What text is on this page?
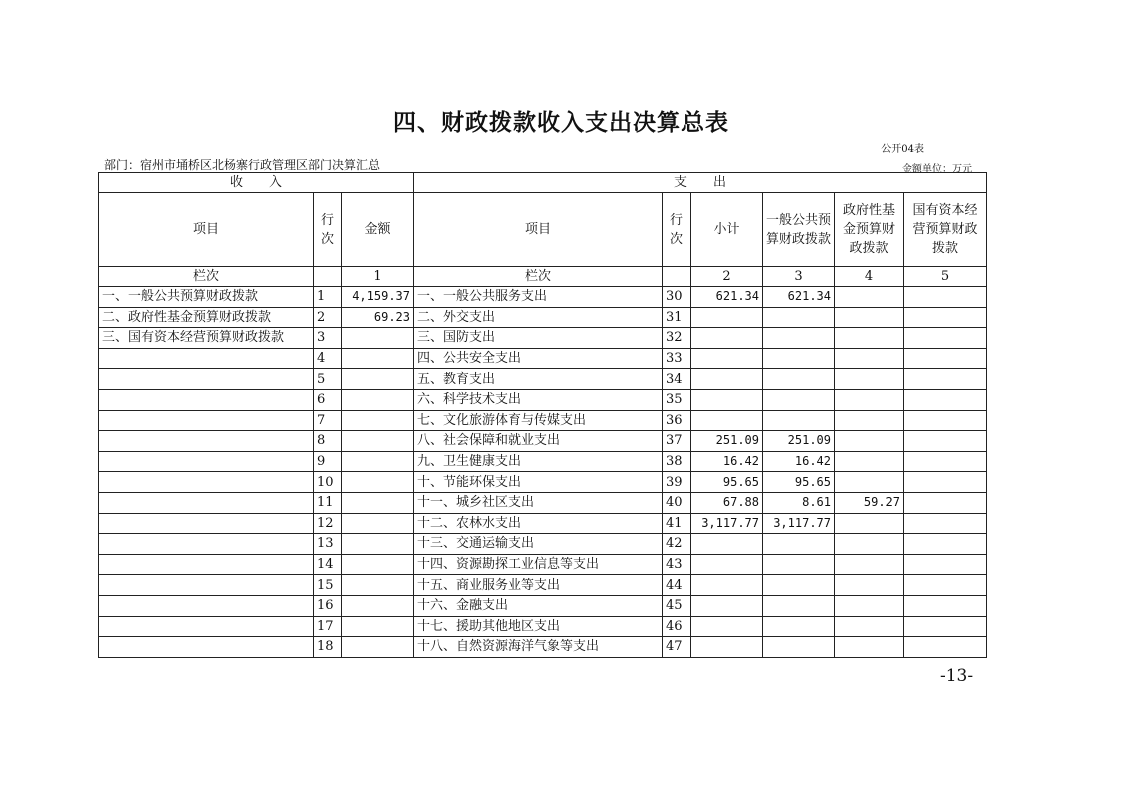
四、财政拨款收入支出决算总表
公开04表
部门：宿州市埇桥区北杨寨行政管理区部门决算汇总	金额单位：万元
收　　入			支　　出					
项目	行次	金额	项目	行次	小计	一般公共预算财政拨款	政府性基金预算财政拨款	国有资本经营预算财政拨款
栏次		1	栏次		2	3	4	5
一、一般公共预算财政拨款	1	4,159.37	一、一般公共服务支出	30	621.34	621.34		
二、政府性基金预算财政拨款	2	69.23	二、外交支出	31				
三、国有资本经营预算财政拨款	3		三、国防支出	32				
	4		四、公共安全支出	33				
	5		五、教育支出	34				
	6		六、科学技术支出	35				
	7		七、文化旅游体育与传媒支出	36				
	8		八、社会保障和就业支出	37	251.09	251.09		
	9		九、卫生健康支出	38	16.42	16.42		
	10		十、节能环保支出	39	95.65	95.65		
	11		十一、城乡社区支出	40	67.88	8.61	59.27	
	12		十二、农林水支出	41	3,117.77	3,117.77		
	13		十三、交通运输支出	42				
	14		十四、资源勘探工业信息等支出	43				
	15		十五、商业服务业等支出	44				
	16		十六、金融支出	45				
	17		十七、援助其他地区支出	46				
	18		十八、自然资源海洋气象等支出	47				
-13-
